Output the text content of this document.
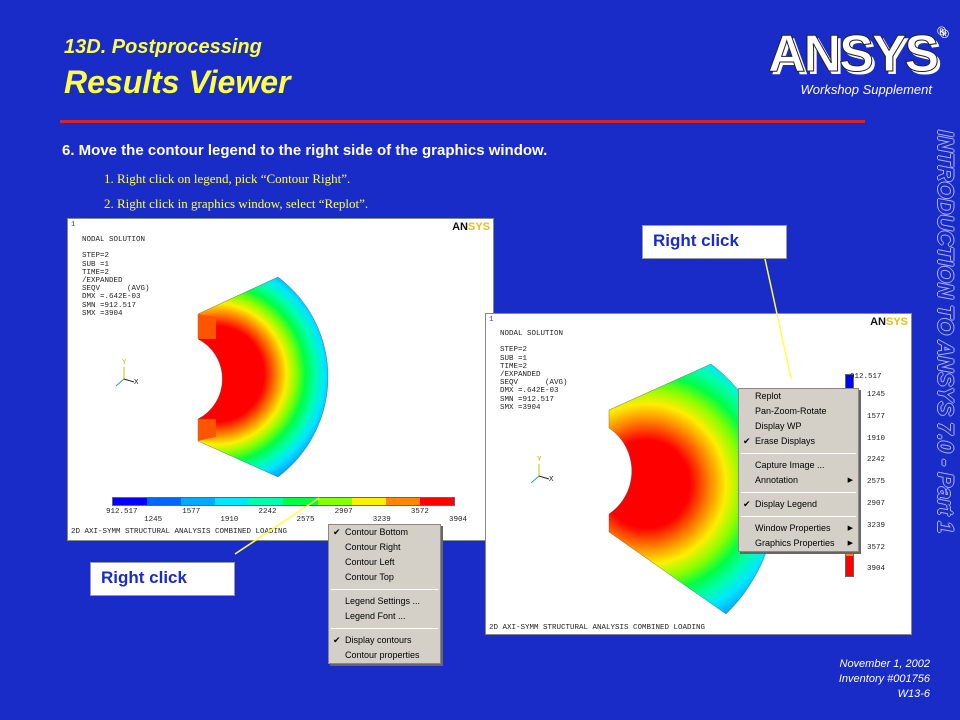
13D. Postprocessing
Results Viewer	ANSYS®
Workshop Supplement
INTRODUCTION TO ANSYS 7.0 - Part 1
6. Move the contour legend to the right side of the graphics window.
1. Right click on legend, pick “Contour Right”.
2. Right click in graphics window, select “Replot”.
1	ANSYS
NODAL SOLUTION

STEP=2
SUB =1
TIME=2
/EXPANDED
SEQV      (AVG)
DMX =.642E-03
SMN =912.517
SMX =3904
Y
X
2D AXI-SYMM STRUCTURAL ANALYSIS COMBINED LOADING
912.517
1245
1577
1910
2242
2575
2907
3239
3572
3904
1	ANSYS
NODAL SOLUTION

STEP=2
SUB =1
TIME=2
/EXPANDED
SEQV      (AVG)
DMX =.642E-03
SMN =912.517
SMX =3904
Y
X
2D AXI-SYMM STRUCTURAL ANALYSIS COMBINED LOADING
912.517
1245
1577
1910
2242
2575
2907
3239
3572
3904
✔ Contour Bottom
Contour Right
Contour Left
Contour Top
Legend Settings ...
Legend Font ...
✔ Display contours
Contour properties
Replot
Pan-Zoom-Rotate
Display WP
✔ Erase Displays
Capture Image ...
Annotation	▶
✔ Display Legend
Window Properties ▶
Graphics Properties ▶
Right click
Right click
November 1, 2002
Inventory #001756
W13-6
